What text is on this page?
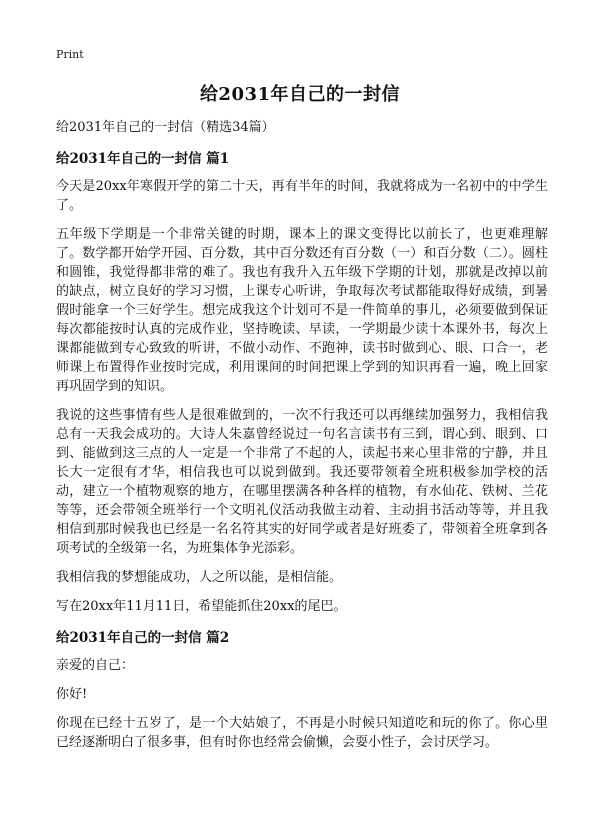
Print
给2031年自己的一封信

给2031年自己的一封信（精选34篇）

给2031年自己的一封信 篇1

今天是20xx年寒假开学的第二十天，再有半年的时间，我就将成为一名初中的中学生了。

五年级下学期是一个非常关键的时期，课本上的课文变得比以前长了，也更难理解了。数学都开始学开园、百分数，其中百分数还有百分数（一）和百分数（二）。圆柱和圆锥，我觉得都非常的难了。我也有我升入五年级下学期的计划，那就是改掉以前的缺点，树立良好的学习习惯，上课专心听讲，争取每次考试都能取得好成绩，到暑假时能拿一个三好学生。想完成我这个计划可不是一件简单的事儿，必须要做到保证每次都能按时认真的完成作业，坚持晚读、早读，一学期最少读十本课外书，每次上课都能做到专心致致的听讲，不做小动作、不跑神，读书时做到心、眼、口合一，老师课上布置得作业按时完成，利用课间的时间把课上学到的知识再看一遍，晚上回家再巩固学到的知识。

我说的这些事情有些人是很难做到的，一次不行我还可以再继续加强努力，我相信我总有一天我会成功的。大诗人朱嘉曾经说过一句名言读书有三到，谓心到、眼到、口到、能做到这三点的人一定是一个非常了不起的人，读起书来心里非常的宁静，并且长大一定很有才华，相信我也可以说到做到。我还要带领着全班积极参加学校的活动，建立一个植物观察的地方，在哪里摆满各种各样的植物，有水仙花、铁树、兰花等等，还会带领全班举行一个文明礼仪活动我做主动着、主动捐书活动等等，并且我相信到那时候我也已经是一名名符其实的好同学或者是好班委了，带领着全班拿到各项考试的全级第一名，为班集体争光添彩。

我相信我的梦想能成功，人之所以能，是相信能。

写在20xx年11月11日，希望能抓住20xx的尾巴。

给2031年自己的一封信 篇2

亲爱的自己：

你好!

你现在已经十五岁了，是一个大姑娘了，不再是小时候只知道吃和玩的你了。你心里已经逐渐明白了很多事，但有时你也经常会偷懒，会耍小性子，会讨厌学习。
